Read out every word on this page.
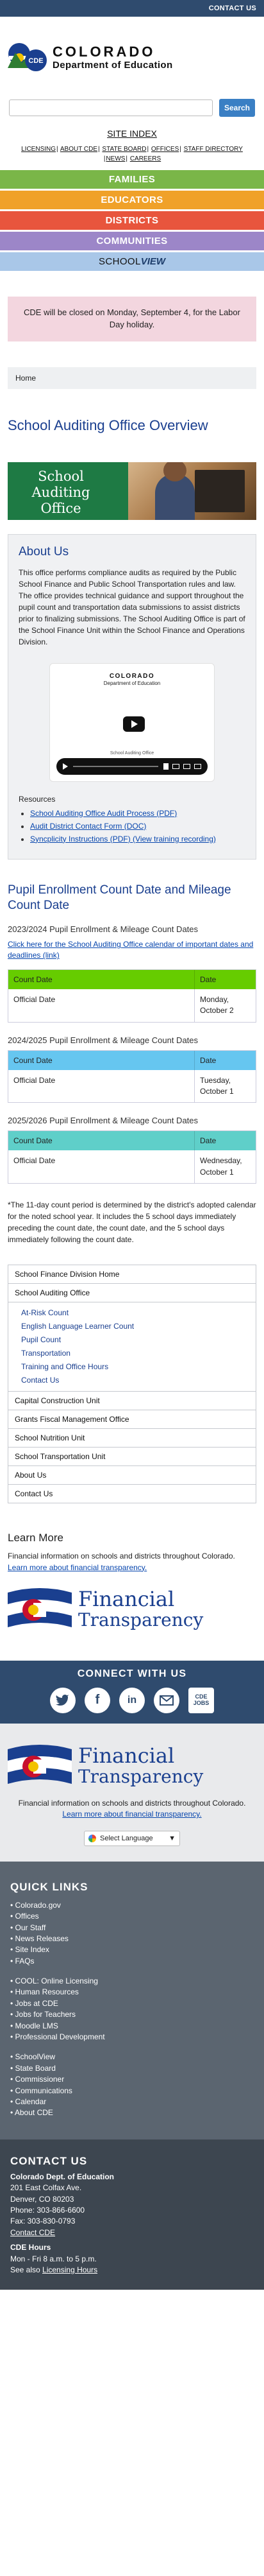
CONTACT US
CDE
COLORADO
Department of Education
Search
SITE INDEX
LICENSING| ABOUT CDE| STATE BOARD| OFFICES| STAFF DIRECTORY
|NEWS| CAREERS
FAMILIES
EDUCATORS
DISTRICTS
COMMUNITIES
SCHOOL VIEW
CDE will be closed on Monday, September 4, for the Labor Day holiday.
Home
School Auditing Office Overview
School Auditing Office
About Us

This office performs compliance audits as required by the Public School Finance and Public School Transportation rules and law. The office provides technical guidance and support throughout the pupil count and transportation data submissions to assist districts prior to finalizing submissions. The School Auditing Office is part of the School Finance Unit within the School Finance and Operations Division.

COLORADO
Department of Education
School Auditing Office
Resources
• School Auditing Office Audit Process (PDF)
• Audit District Contact Form (DOC)
• Syncplicity Instructions (PDF) (View training recording)
Pupil Enrollment Count Date and Mileage Count Date
2023/2024 Pupil Enrollment & Mileage Count Dates
Click here for the School Auditing Office calendar of important dates and deadlines (link)
Count Date	Date
Official Date	Monday, October 2
2024/2025 Pupil Enrollment & Mileage Count Dates
Count Date	Date
Official Date	Tuesday, October 1
2025/2026 Pupil Enrollment & Mileage Count Dates
Count Date	Date
Official Date	Wednesday, October 1
*The 11-day count period is determined by the district's adopted calendar for the noted school year. It includes the 5 school days immediately preceding the count date, the count date, and the 5 school days immediately following the count date.
School Finance Division Home
School Auditing Office
At-Risk Count
English Language Learner Count
Pupil Count
Transportation
Training and Office Hours
Contact Us
Capital Construction Unit
Grants Fiscal Management Office
School Nutrition Unit
School Transportation Unit
About Us
Contact Us
Learn More

Financial information on schools and districts throughout Colorado. Learn more about financial transparency.

Financial
Transparency
CONNECT WITH US
f	in	CDE JOBS
Financial
Transparency

Financial information on schools and districts throughout Colorado. Learn more about financial transparency.

Select Language ▼
QUICK LINKS
• Colorado.gov
• Offices
• Our Staff
• News Releases
• Site Index
• FAQs
• COOL: Online Licensing
• Human Resources
• Jobs at CDE
• Jobs for Teachers
• Moodle LMS
• Professional Development
• SchoolView
• State Board
• Commissioner
• Communications
• Calendar
• About CDE
CONTACT US
Colorado Dept. of Education
201 East Colfax Ave.
Denver, CO 80203
Phone: 303-866-6600
Fax: 303-830-0793
Contact CDE
CDE Hours
Mon - Fri 8 a.m. to 5 p.m.
See also Licensing Hours
